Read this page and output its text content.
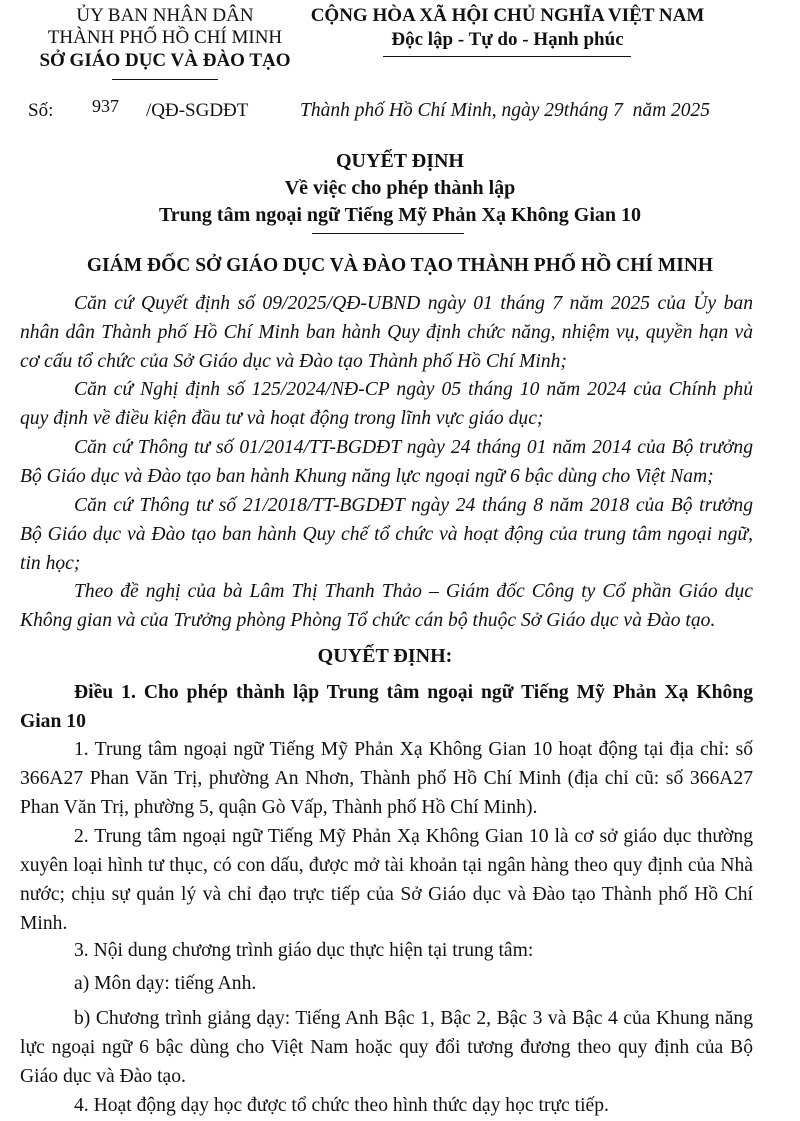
ỦY BAN NHÂN DÂN
THÀNH PHỐ HỒ CHÍ MINH
SỞ GIÁO DỤC VÀ ĐÀO TẠO
CỘNG HÒA XÃ HỘI CHỦ NGHĨA VIỆT NAM
Độc lập - Tự do - Hạnh phúc
Số: 937 /QĐ-SGDĐT	Thành phố Hồ Chí Minh, ngày 29tháng 7  năm 2025
QUYẾT ĐỊNH
Về việc cho phép thành lập
Trung tâm ngoại ngữ Tiếng Mỹ Phản Xạ Không Gian 10
GIÁM ĐỐC SỞ GIÁO DỤC VÀ ĐÀO TẠO THÀNH PHỐ HỒ CHÍ MINH
Căn cứ Quyết định số 09/2025/QĐ-UBND ngày 01 tháng 7 năm 2025 của Ủy ban
nhân dân Thành phố Hồ Chí Minh ban hành Quy định chức năng, nhiệm vụ, quyền hạn và
cơ cấu tổ chức của Sở Giáo dục và Đào tạo Thành phố Hồ Chí Minh;
Căn cứ Nghị định số 125/2024/NĐ-CP ngày 05 tháng 10 năm 2024 của Chính phủ
quy định về điều kiện đầu tư và hoạt động trong lĩnh vực giáo dục;
Căn cứ Thông tư số 01/2014/TT-BGDĐT ngày 24 tháng 01 năm 2014 của Bộ trưởng
Bộ Giáo dục và Đào tạo ban hành Khung năng lực ngoại ngữ 6 bậc dùng cho Việt Nam;
Căn cứ Thông tư số 21/2018/TT-BGDĐT ngày 24 tháng 8 năm 2018 của Bộ trưởng
Bộ Giáo dục và Đào tạo ban hành Quy chế tổ chức và hoạt động của trung tâm ngoại ngữ,
tin học;
Theo đề nghị của bà Lâm Thị Thanh Thảo – Giám đốc Công ty Cổ phần Giáo dục
Không gian và của Trưởng phòng Phòng Tổ chức cán bộ thuộc Sở Giáo dục và Đào tạo.
QUYẾT ĐỊNH:
Điều 1. Cho phép thành lập Trung tâm ngoại ngữ Tiếng Mỹ Phản Xạ Không
Gian 10
1. Trung tâm ngoại ngữ Tiếng Mỹ Phản Xạ Không Gian 10 hoạt động tại địa chỉ: số
366A27 Phan Văn Trị, phường An Nhơn, Thành phố Hồ Chí Minh (địa chỉ cũ: số 366A27
Phan Văn Trị, phường 5, quận Gò Vấp, Thành phố Hồ Chí Minh).
2. Trung tâm ngoại ngữ Tiếng Mỹ Phản Xạ Không Gian 10 là cơ sở giáo dục thường
xuyên loại hình tư thục, có con dấu, được mở tài khoản tại ngân hàng theo quy định của Nhà
nước; chịu sự quản lý và chỉ đạo trực tiếp của Sở Giáo dục và Đào tạo Thành phố Hồ Chí
Minh.
3. Nội dung chương trình giáo dục thực hiện tại trung tâm:
a) Môn dạy: tiếng Anh.
b) Chương trình giảng dạy: Tiếng Anh Bậc 1, Bậc 2, Bậc 3 và Bậc 4 của Khung năng
lực ngoại ngữ 6 bậc dùng cho Việt Nam hoặc quy đổi tương đương theo quy định của Bộ
Giáo dục và Đào tạo.
4. Hoạt động dạy học được tổ chức theo hình thức dạy học trực tiếp.
